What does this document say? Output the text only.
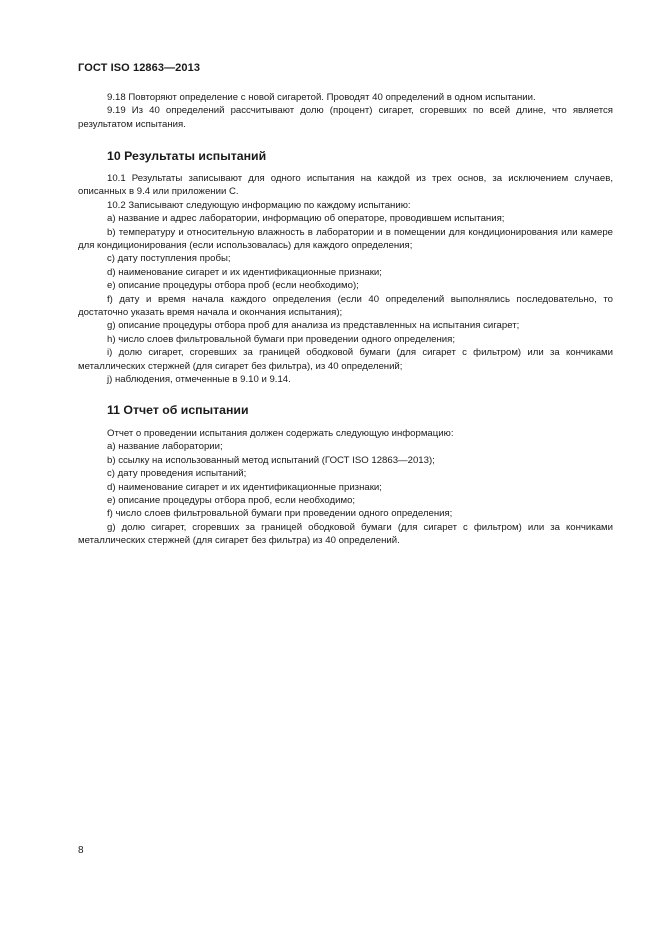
ГОСТ ISO 12863—2013

9.18 Повторяют определение с новой сигаретой. Проводят 40 определений в одном испытании.

9.19 Из 40 определений рассчитывают долю (процент) сигарет, сгоревших по всей длине, что является результатом испытания.

10 Результаты испытаний

10.1 Результаты записывают для одного испытания на каждой из трех основ, за исключением случаев, описанных в 9.4 или приложении С.

10.2 Записывают следующую информацию по каждому испытанию:

a) название и адрес лаборатории, информацию об операторе, проводившем испытания;

b) температуру и относительную влажность в лаборатории и в помещении для кондиционирования или камере для кондиционирования (если использовалась) для каждого определения;

c) дату поступления пробы;

d) наименование сигарет и их идентификационные признаки;

e) описание процедуры отбора проб (если необходимо);

f) дату и время начала каждого определения (если 40 определений выполнялись последовательно, то достаточно указать время начала и окончания испытания);

g) описание процедуры отбора проб для анализа из представленных на испытания сигарет;

h) число слоев фильтровальной бумаги при проведении одного определения;

i) долю сигарет, сгоревших за границей ободковой бумаги (для сигарет с фильтром) или за кончиками металлических стержней (для сигарет без фильтра), из 40 определений;

j) наблюдения, отмеченные в 9.10 и 9.14.

11 Отчет об испытании

Отчет о проведении испытания должен содержать следующую информацию:

a) название лаборатории;

b) ссылку на использованный метод испытаний (ГОСТ ISO 12863—2013);

c) дату проведения испытаний;

d) наименование сигарет и их идентификационные признаки;

e) описание процедуры отбора проб, если необходимо;

f) число слоев фильтровальной бумаги при проведении одного определения;

g) долю сигарет, сгоревших за границей ободковой бумаги (для сигарет с фильтром) или за кончиками металлических стержней (для сигарет без фильтра) из 40 определений.

8
